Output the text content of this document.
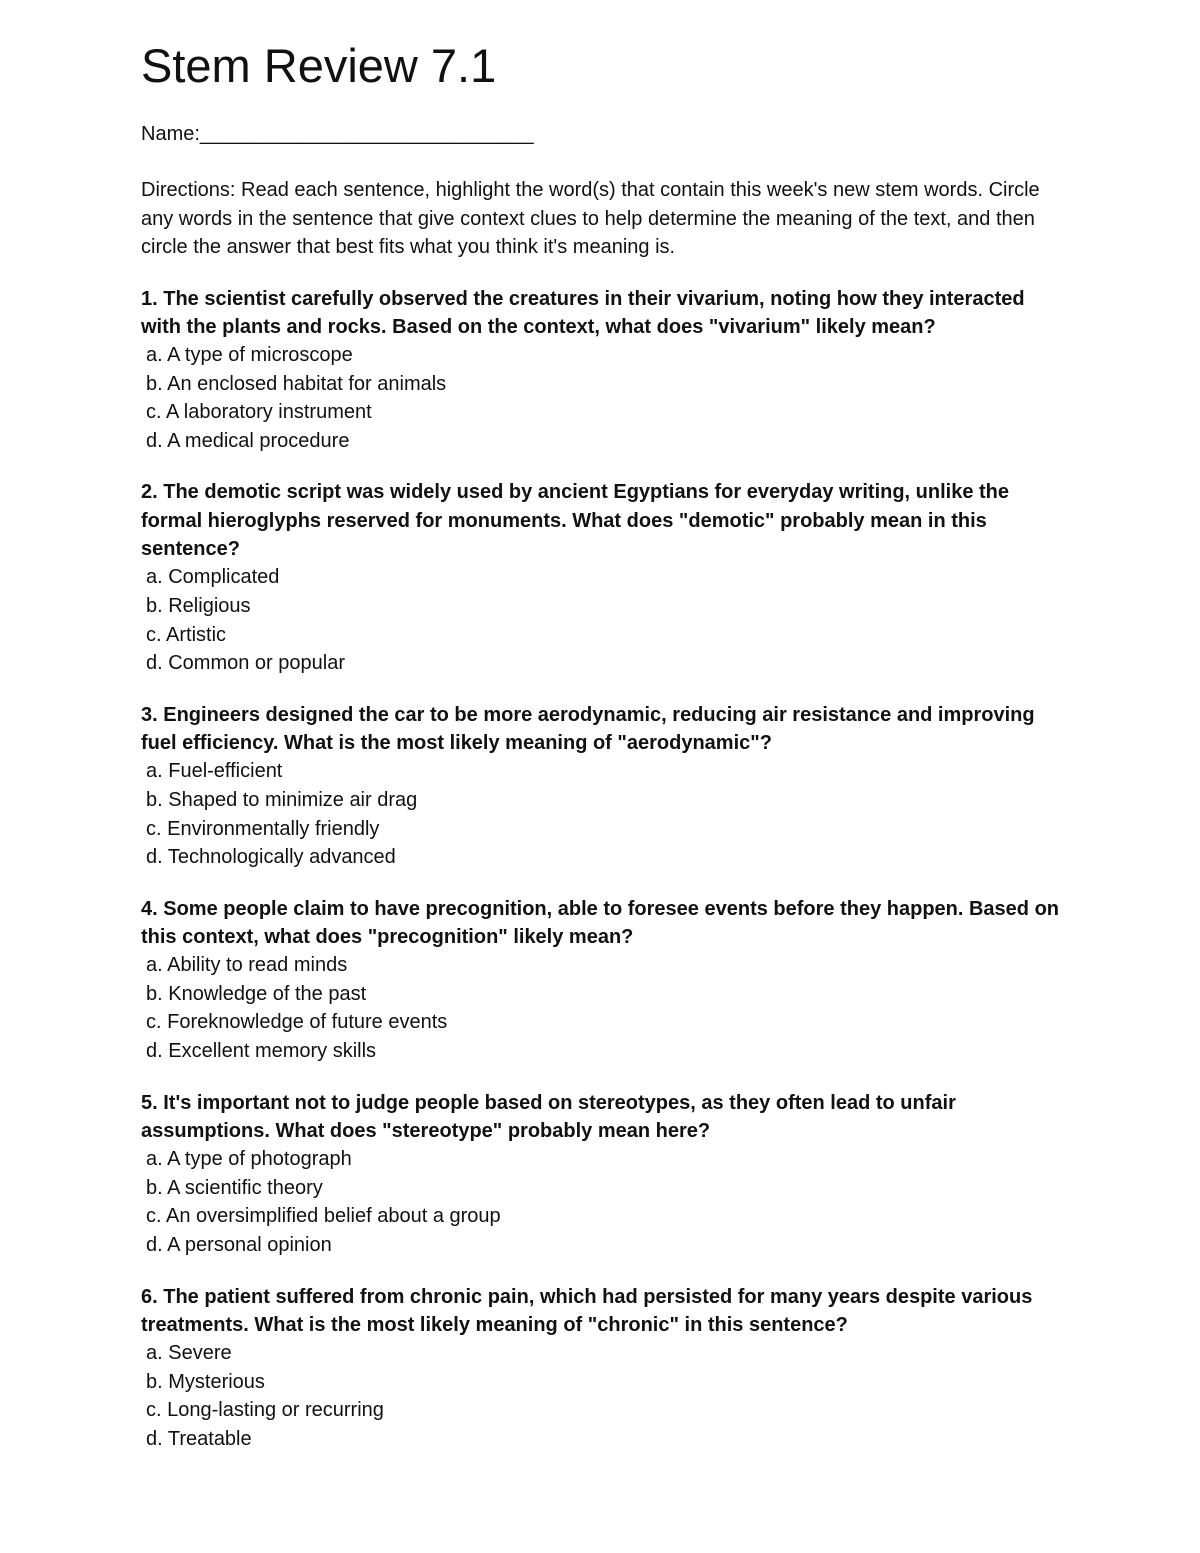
Stem Review 7.1
Name:______________________________
Directions: Read each sentence, highlight the word(s) that contain this week's new stem words. Circle any words in the sentence that give context clues to help determine the meaning of the text, and then circle the answer that best fits what you think it's meaning is.
1. The scientist carefully observed the creatures in their vivarium, noting how they interacted with the plants and rocks. Based on the context, what does "vivarium" likely mean?
a. A type of microscope
b. An enclosed habitat for animals
c. A laboratory instrument
d. A medical procedure
2. The demotic script was widely used by ancient Egyptians for everyday writing, unlike the formal hieroglyphs reserved for monuments. What does "demotic" probably mean in this sentence?
a. Complicated
b. Religious
c. Artistic
d. Common or popular
3. Engineers designed the car to be more aerodynamic, reducing air resistance and improving fuel efficiency. What is the most likely meaning of "aerodynamic"?
a. Fuel-efficient
b. Shaped to minimize air drag
c. Environmentally friendly
d. Technologically advanced
4. Some people claim to have precognition, able to foresee events before they happen. Based on this context, what does "precognition" likely mean?
a. Ability to read minds
b. Knowledge of the past
c. Foreknowledge of future events
d. Excellent memory skills
5. It's important not to judge people based on stereotypes, as they often lead to unfair assumptions. What does "stereotype" probably mean here?
a. A type of photograph
b. A scientific theory
c. An oversimplified belief about a group
d. A personal opinion
6. The patient suffered from chronic pain, which had persisted for many years despite various treatments. What is the most likely meaning of "chronic" in this sentence?
a. Severe
b. Mysterious
c. Long-lasting or recurring
d. Treatable
